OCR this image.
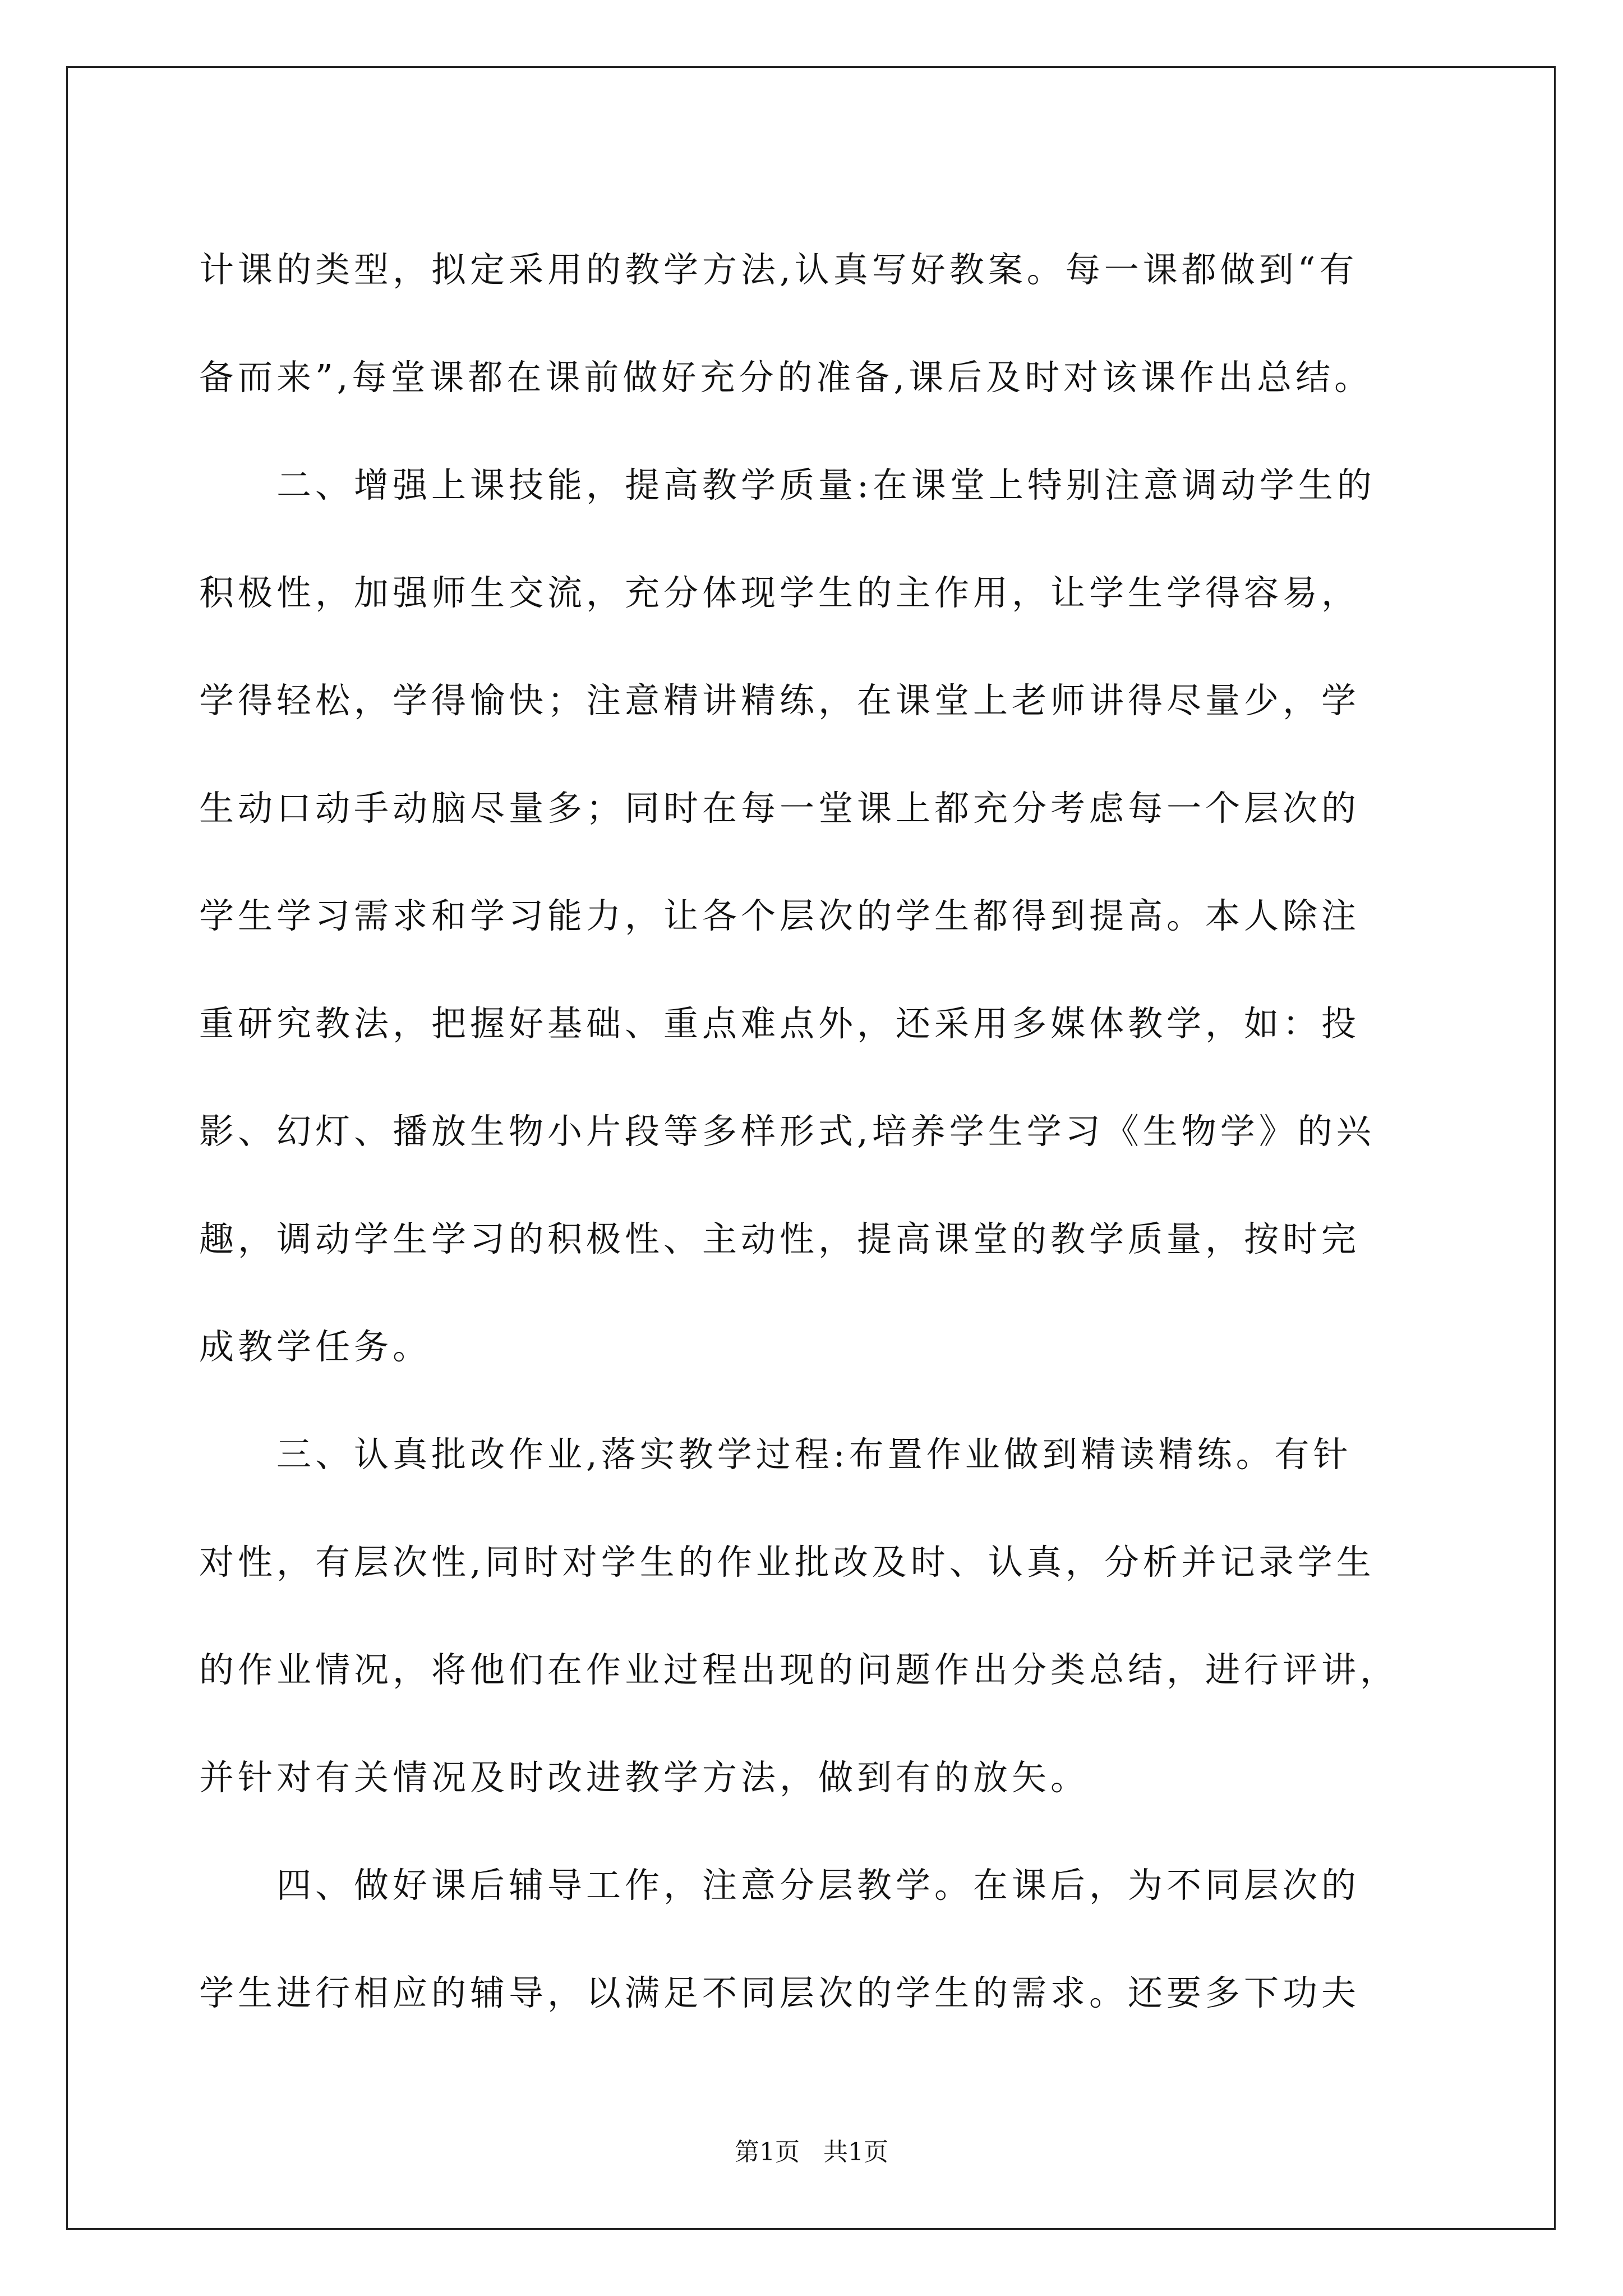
计课的类型，拟定采用的教学方法,认真写好教案。每一课都做到“有
备而来”,每堂课都在课前做好充分的准备,课后及时对该课作出总结。
　　二、增强上课技能，提高教学质量:在课堂上特别注意调动学生的
积极性，加强师生交流，充分体现学生的主作用，让学生学得容易，
学得轻松，学得愉快；注意精讲精练，在课堂上老师讲得尽量少，学
生动口动手动脑尽量多；同时在每一堂课上都充分考虑每一个层次的
学生学习需求和学习能力，让各个层次的学生都得到提高。本人除注
重研究教法，把握好基础、重点难点外，还采用多媒体教学，如：投
影、幻灯、播放生物小片段等多样形式,培养学生学习《生物学》的兴
趣，调动学生学习的积极性、主动性，提高课堂的教学质量，按时完
成教学任务。
　　三、认真批改作业,落实教学过程:布置作业做到精读精练。有针
对性，有层次性,同时对学生的作业批改及时、认真，分析并记录学生
的作业情况，将他们在作业过程出现的问题作出分类总结，进行评讲，
并针对有关情况及时改进教学方法，做到有的放矢。
　　四、做好课后辅导工作，注意分层教学。在课后，为不同层次的
学生进行相应的辅导，以满足不同层次的学生的需求。还要多下功夫
第1页   共1页
